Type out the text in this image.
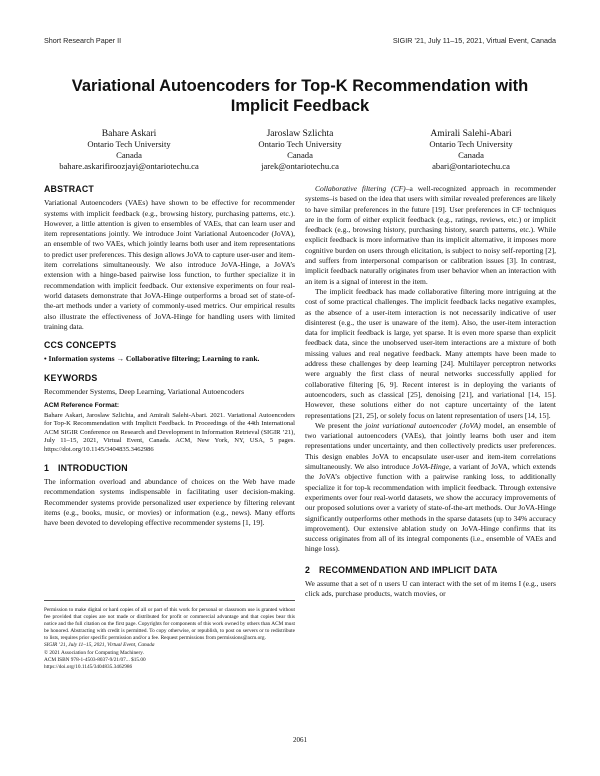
Short Research Paper II	SIGIR ’21, July 11–15, 2021, Virtual Event, Canada
Variational Autoencoders for Top-K Recommendation with
Implicit Feedback
Bahare Askari
Ontario Tech University
Canada
bahare.askarifiroozjayi@ontariotechu.ca
Jaroslaw Szlichta
Ontario Tech University
Canada
jarek@ontariotechu.ca
Amirali Salehi-Abari
Ontario Tech University
Canada
abari@ontariotechu.ca
ABSTRACT

Variational Autoencoders (VAEs) have shown to be effective for recommender systems with implicit feedback (e.g., browsing history, purchasing patterns, etc.). However, a little attention is given to ensembles of VAEs, that can learn user and item representations jointly. We introduce Joint Variational Autoencoder (JoVA), an ensemble of two VAEs, which jointly learns both user and item representations to predict user preferences. This design allows JoVA to capture user-user and item-item correlations simultaneously. We also introduce JoVA-Hinge, a JoVA’s extension with a hinge-based pairwise loss function, to further specialize it in recommendation with implicit feedback. Our extensive experiments on four real-world datasets demonstrate that JoVA-Hinge outperforms a broad set of state-of-the-art methods under a variety of commonly-used metrics. Our empirical results also illustrate the effectiveness of JoVA-Hinge for handling users with limited training data.

CCS CONCEPTS

• Information systems → Collaborative filtering; Learning to rank.

KEYWORDS

Recommender Systems, Deep Learning, Variational Autoencoders

ACM Reference Format:

Bahare Askari, Jaroslaw Szlichta, and Amirali Salehi-Abari. 2021. Variational Autoencoders for Top-K Recommendation with Implicit Feedback. In Proceedings of the 44th International ACM SIGIR Conference on Research and Development in Information Retrieval (SIGIR ’21), July 11–15, 2021, Virtual Event, Canada. ACM, New York, NY, USA, 5 pages. https://doi.org/10.1145/3404835.3462986

1 INTRODUCTION

The information overload and abundance of choices on the Web have made recommendation systems indispensable in facilitating user decision-making. Recommender systems provide personalized user experience by filtering relevant items (e.g., books, music, or movies) or information (e.g., news). Many efforts have been devoted to developing effective recommender systems [1, 19].

Permission to make digital or hard copies of all or part of this work for personal or classroom use is granted without fee provided that copies are not made or distributed for profit or commercial advantage and that copies bear this notice and the full citation on the first page. Copyrights for components of this work owned by others than ACM must be honored. Abstracting with credit is permitted. To copy otherwise, or republish, to post on servers or to redistribute to lists, requires prior specific permission and/or a fee. Request permissions from permissions@acm.org.
SIGIR ’21, July 11–15, 2021, Virtual Event, Canada
© 2021 Association for Computing Machinery.
ACM ISBN 978-1-4503-8037-9/21/07... $15.00
https://doi.org/10.1145/3404835.3462986

Collaborative filtering (CF)–a well-recognized approach in recommender systems–is based on the idea that users with similar revealed preferences are likely to have similar preferences in the future [19]. User preferences in CF techniques are in the form of either explicit feedback (e.g., ratings, reviews, etc.) or implicit feedback (e.g., browsing history, purchasing history, search patterns, etc.). While explicit feedback is more informative than its implicit alternative, it imposes more cognitive burden on users through elicitation, is subject to noisy self-reporting [2], and suffers from interpersonal comparison or calibration issues [3]. In contrast, implicit feedback naturally originates from user behavior when an interaction with an item is a signal of interest in the item.

The implicit feedback has made collaborative filtering more intriguing at the cost of some practical challenges. The implicit feedback lacks negative examples, as the absence of a user-item interaction is not necessarily indicative of user disinterest (e.g., the user is unaware of the item). Also, the user-item interaction data for implicit feedback is large, yet sparse. It is even more sparse than explicit feedback data, since the unobserved user-item interactions are a mixture of both missing values and real negative feedback. Many attempts have been made to address these challenges by deep learning [24]. Multilayer perceptron networks were arguably the first class of neural networks successfully applied for collaborative filtering [6, 9]. Recent interest is in deploying the variants of autoencoders, such as classical [25], denoising [21], and variational [14, 15]. However, these solutions either do not capture uncertainty of the latent representations [21, 25], or solely focus on latent representation of users [14, 15].

We present the joint variational autoencoder (JoVA) model, an ensemble of two variational autoencoders (VAEs), that jointly learns both user and item representations under uncertainty, and then collectively predicts user preferences. This design enables JoVA to encapsulate user-user and item-item correlations simultaneously. We also introduce JoVA-Hinge, a variant of JoVA, which extends the JoVA’s objective function with a pairwise ranking loss, to additionally specialize it for top-k recommendation with implicit feedback. Through extensive experiments over four real-world datasets, we show the accuracy improvements of our proposed solutions over a variety of state-of-the-art methods. Our JoVA-Hinge significantly outperforms other methods in the sparse datasets (up to 34% accuracy improvement). Our extensive ablation study on JoVA-Hinge confirms that its success originates from all of its integral components (i.e., ensemble of VAEs and hinge loss).

2 RECOMMENDATION AND IMPLICIT DATA

We assume that a set of n users U can interact with the set of m items I (e.g., users click ads, purchase products, watch movies, or

2061
